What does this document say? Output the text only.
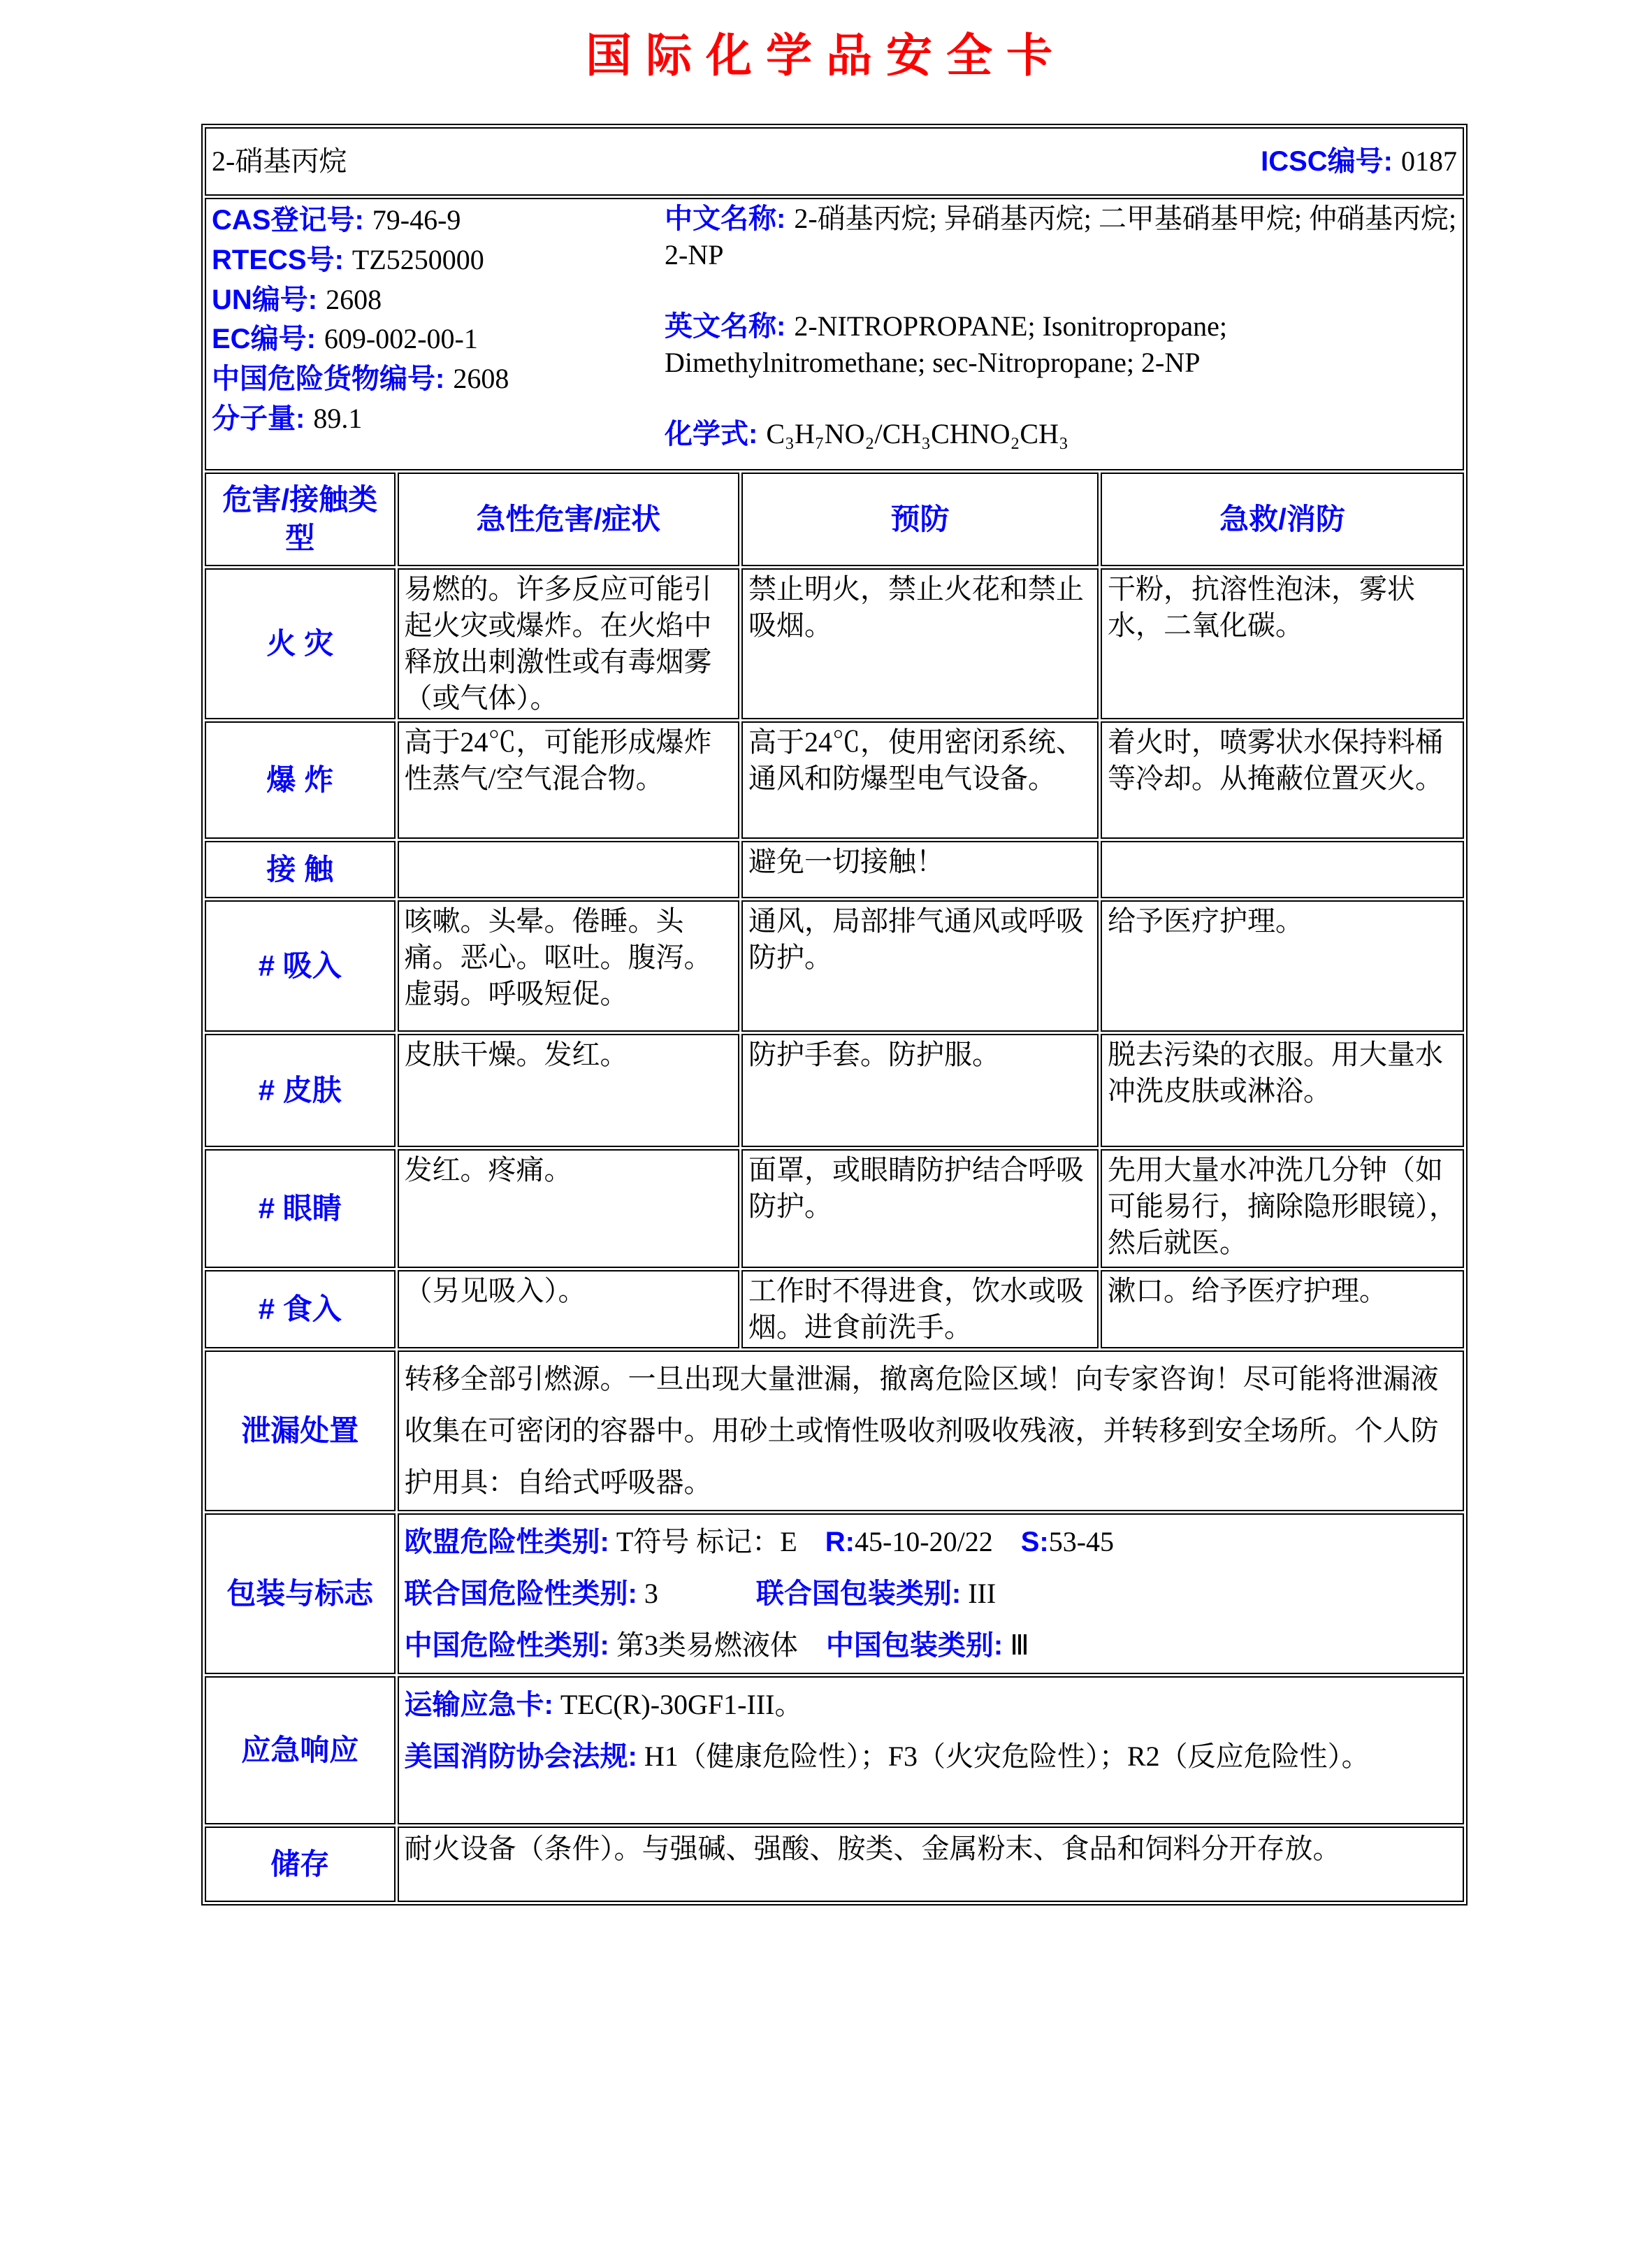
国际化学品安全卡
2-硝基丙烷 ICSC编号: 0187			

CAS登记号: 79-46-9
RTECS号: TZ5250000
UN编号: 2608
EC编号: 609-002-00-1
中国危险货物编号: 2608
分子量: 89.1
中文名称: 2-硝基丙烷; 异硝基丙烷; 二甲基硝基甲烷; 仲硝基丙烷; 2-NP
英文名称: 2-NITROPROPANE; Isonitropropane; Dimethylnitromethane; sec-Nitropropane; 2-NP
化学式: C₃H₇NO₂/CH₃CHNO₂CH₃

危害/接触类型	急性危害/症状	预防	急救/消防
火 灾	易燃的。许多反应可能引起火灾或爆炸。在火焰中释放出刺激性或有毒烟雾（或气体）。	禁止明火，禁止火花和禁止吸烟。	干粉，抗溶性泡沫，雾状水，二氧化碳。
爆 炸	高于24℃，可能形成爆炸性蒸气/空气混合物。	高于24℃，使用密闭系统、通风和防爆型电气设备。	着火时，喷雾状水保持料桶等冷却。从掩蔽位置灭火。
接 触		避免一切接触！	
# 吸入	咳嗽。头晕。倦睡。头痛。恶心。呕吐。腹泻。虚弱。呼吸短促。	通风，局部排气通风或呼吸防护。	给予医疗护理。
# 皮肤	皮肤干燥。发红。	防护手套。防护服。	脱去污染的衣服。用大量水冲洗皮肤或淋浴。
# 眼睛	发红。疼痛。	面罩，或眼睛防护结合呼吸防护。	先用大量水冲洗几分钟（如可能易行，摘除隐形眼镜），然后就医。
# 食入	（另见吸入）。	工作时不得进食，饮水或吸烟。进食前洗手。	漱口。给予医疗护理。
泄漏处置	转移全部引燃源。一旦出现大量泄漏，撤离危险区域！向专家咨询！尽可能将泄漏液收集在可密闭的容器中。用砂土或惰性吸收剂吸收残液，并转移到安全场所。个人防护用具：自给式呼吸器。		

包装与标志	欧盟危险性类别: T符号 标记：E    R:45-10-20/22    S:53-45
联合国危险性类别: 3              联合国包装类别: III
中国危险性类别: 第3类易燃液体    中国包装类别: Ⅲ		

应急响应	运输应急卡: TEC(R)-30GF1-III。
美国消防协会法规: H1（健康危险性）；F3（火灾危险性）；R2（反应危险性）。		

储存	耐火设备（条件）。与强碱、强酸、胺类、金属粉末、食品和饲料分开存放。		
